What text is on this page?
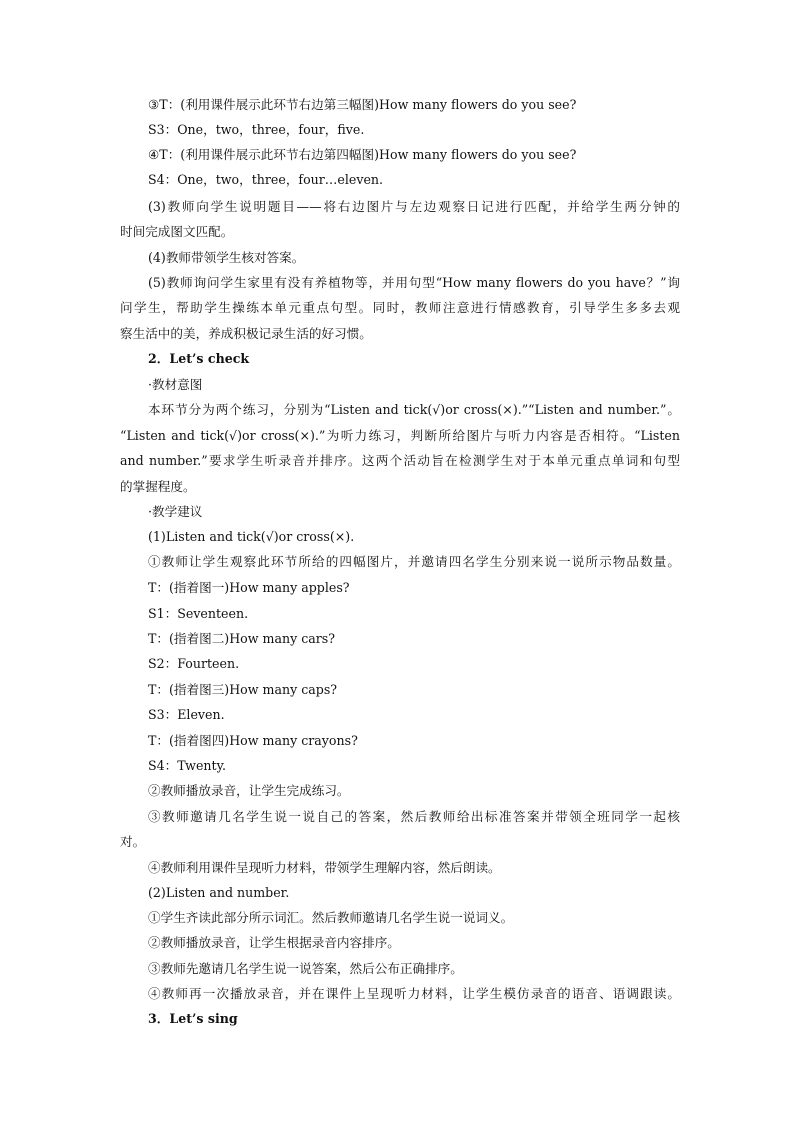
③T：(利用课件展示此环节右边第三幅图)How many flowers do you see?
S3：One，two，three，four，five.
④T：(利用课件展示此环节右边第四幅图)How many flowers do you see?
S4：One，two，three，four…eleven.
(3)教师向学生说明题目——将右边图片与左边观察日记进行匹配，并给学生两分钟的
时间完成图文匹配。
(4)教师带领学生核对答案。
(5)教师询问学生家里有没有养植物等，并用句型“How many flowers do you have？”询
问学生，帮助学生操练本单元重点句型。同时，教师注意进行情感教育，引导学生多多去观
察生活中的美，养成积极记录生活的好习惯。
2．Let’s check
·教材意图
本环节分为两个练习，分别为“Listen and tick(√)or cross(×).”“Listen and number.”。
“Listen and tick(√)or cross(×).”为听力练习，判断所给图片与听力内容是否相符。“Listen
and number.”要求学生听录音并排序。这两个活动旨在检测学生对于本单元重点单词和句型
的掌握程度。
·教学建议
(1)Listen and tick(√)or cross(×).
①教师让学生观察此环节所给的四幅图片，并邀请四名学生分别来说一说所示物品数量。
T：(指着图一)How many apples?
S1：Seventeen.
T：(指着图二)How many cars?
S2：Fourteen.
T：(指着图三)How many caps?
S3：Eleven.
T：(指着图四)How many crayons?
S4：Twenty.
②教师播放录音，让学生完成练习。
③教师邀请几名学生说一说自己的答案，然后教师给出标准答案并带领全班同学一起核
对。
④教师利用课件呈现听力材料，带领学生理解内容，然后朗读。
(2)Listen and number.
①学生齐读此部分所示词汇。然后教师邀请几名学生说一说词义。
②教师播放录音，让学生根据录音内容排序。
③教师先邀请几名学生说一说答案，然后公布正确排序。
④教师再一次播放录音，并在课件上呈现听力材料，让学生模仿录音的语音、语调跟读。
3．Let’s sing
